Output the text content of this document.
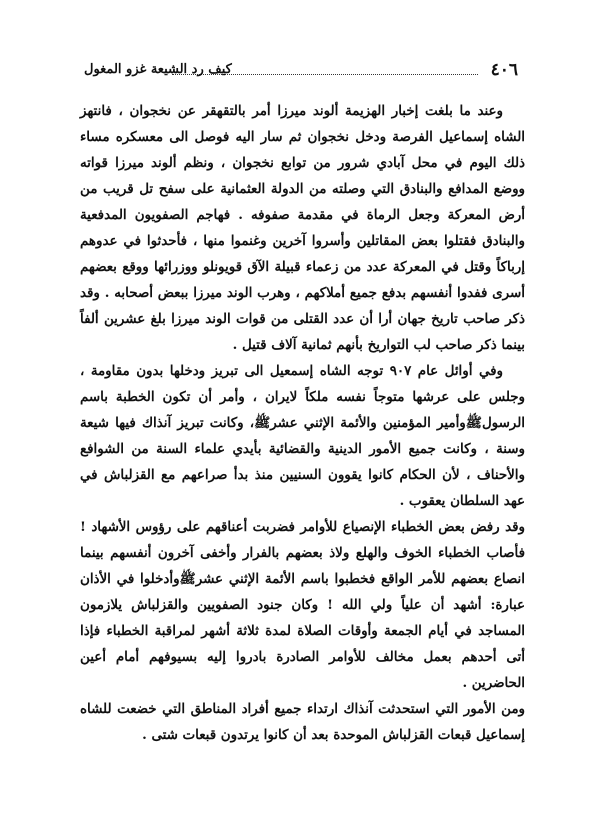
٤٠٦
كيف رد الشيعة غزو المغول

وعند ما بلغت إخبار الهزيمة ألوند ميرزا أمر بالتقهقر عن نخجوان ، فانتهز الشاه إسماعيل الفرصة ودخل نخجوان ثم سار اليه فوصل الى معسكره مساء ذلك اليوم في محل آبادي شرور من توابع نخجوان ، ونظم ألوند ميرزا قواته ووضع المدافع والبنادق التي وصلته من الدولة العثمانية على سفح تل قريب من أرض المعركة وجعل الرماة في مقدمة صفوفه . فهاجم الصفويون المدفعية والبنادق فقتلوا بعض المقاتلين وأسروا آخرين وغنموا منها ، فأحدثوا في عدوهم إرباكاً وقتل في المعركة عدد من زعماء قبيلة الآق قويونلو ووزرائها ووقع بعضهم أسرى ففدوا أنفسهم بدفع جميع أملاكهم ، وهرب الوند ميرزا ببعض أصحابه . وقد ذكر صاحب تاريخ جهان أرا أن عدد القتلى من قوات الوند ميرزا بلغ عشرين ألفاً بينما ذكر صاحب لب التواريخ بأنهم ثمانية آلاف قتيل .

وفي أوائل عام ٩٠٧ توجه الشاه إسمعيل الى تبريز ودخلها بدون مقاومة ، وجلس على عرشها متوجاً نفسه ملكاً لايران ، وأمر أن تكون الخطبة باسم الرسولﷺوأمير المؤمنين والأئمة الإثني عشرﷺ، وكانت تبريز آنذاك فيها شيعة وسنة ، وكانت جميع الأمور الدينية والقضائية بأيدي علماء السنة من الشوافع والأحناف ، لأن الحكام كانوا يقوون السنيين منذ بدأ صراعهم مع القزلباش في عهد السلطان يعقوب .

وقد رفض بعض الخطباء الإنصياع للأوامر فضربت أعناقهم على رؤوس الأشهاد ! فأصاب الخطباء الخوف والهلع ولاذ بعضهم بالفرار وأخفى آخرون أنفسهم بينما انصاع بعضهم للأمر الواقع فخطبوا باسم الأئمة الإثني عشرﷺوأدخلوا في الأذان عبارة: أشهد أن علياً ولي الله ! وكان جنود الصفويين والقزلباش يلازمون المساجد في أيام الجمعة وأوقات الصلاة لمدة ثلاثة أشهر لمراقبة الخطباء فإذا أتى أحدهم بعمل مخالف للأوامر الصادرة بادروا إليه بسيوفهم أمام أعين الحاضرين .

ومن الأمور التي استحدثت آنذاك ارتداء جميع أفراد المناطق التي خضعت للشاه إسماعيل قبعات القزلباش الموحدة بعد أن كانوا يرتدون قبعات شتى .
